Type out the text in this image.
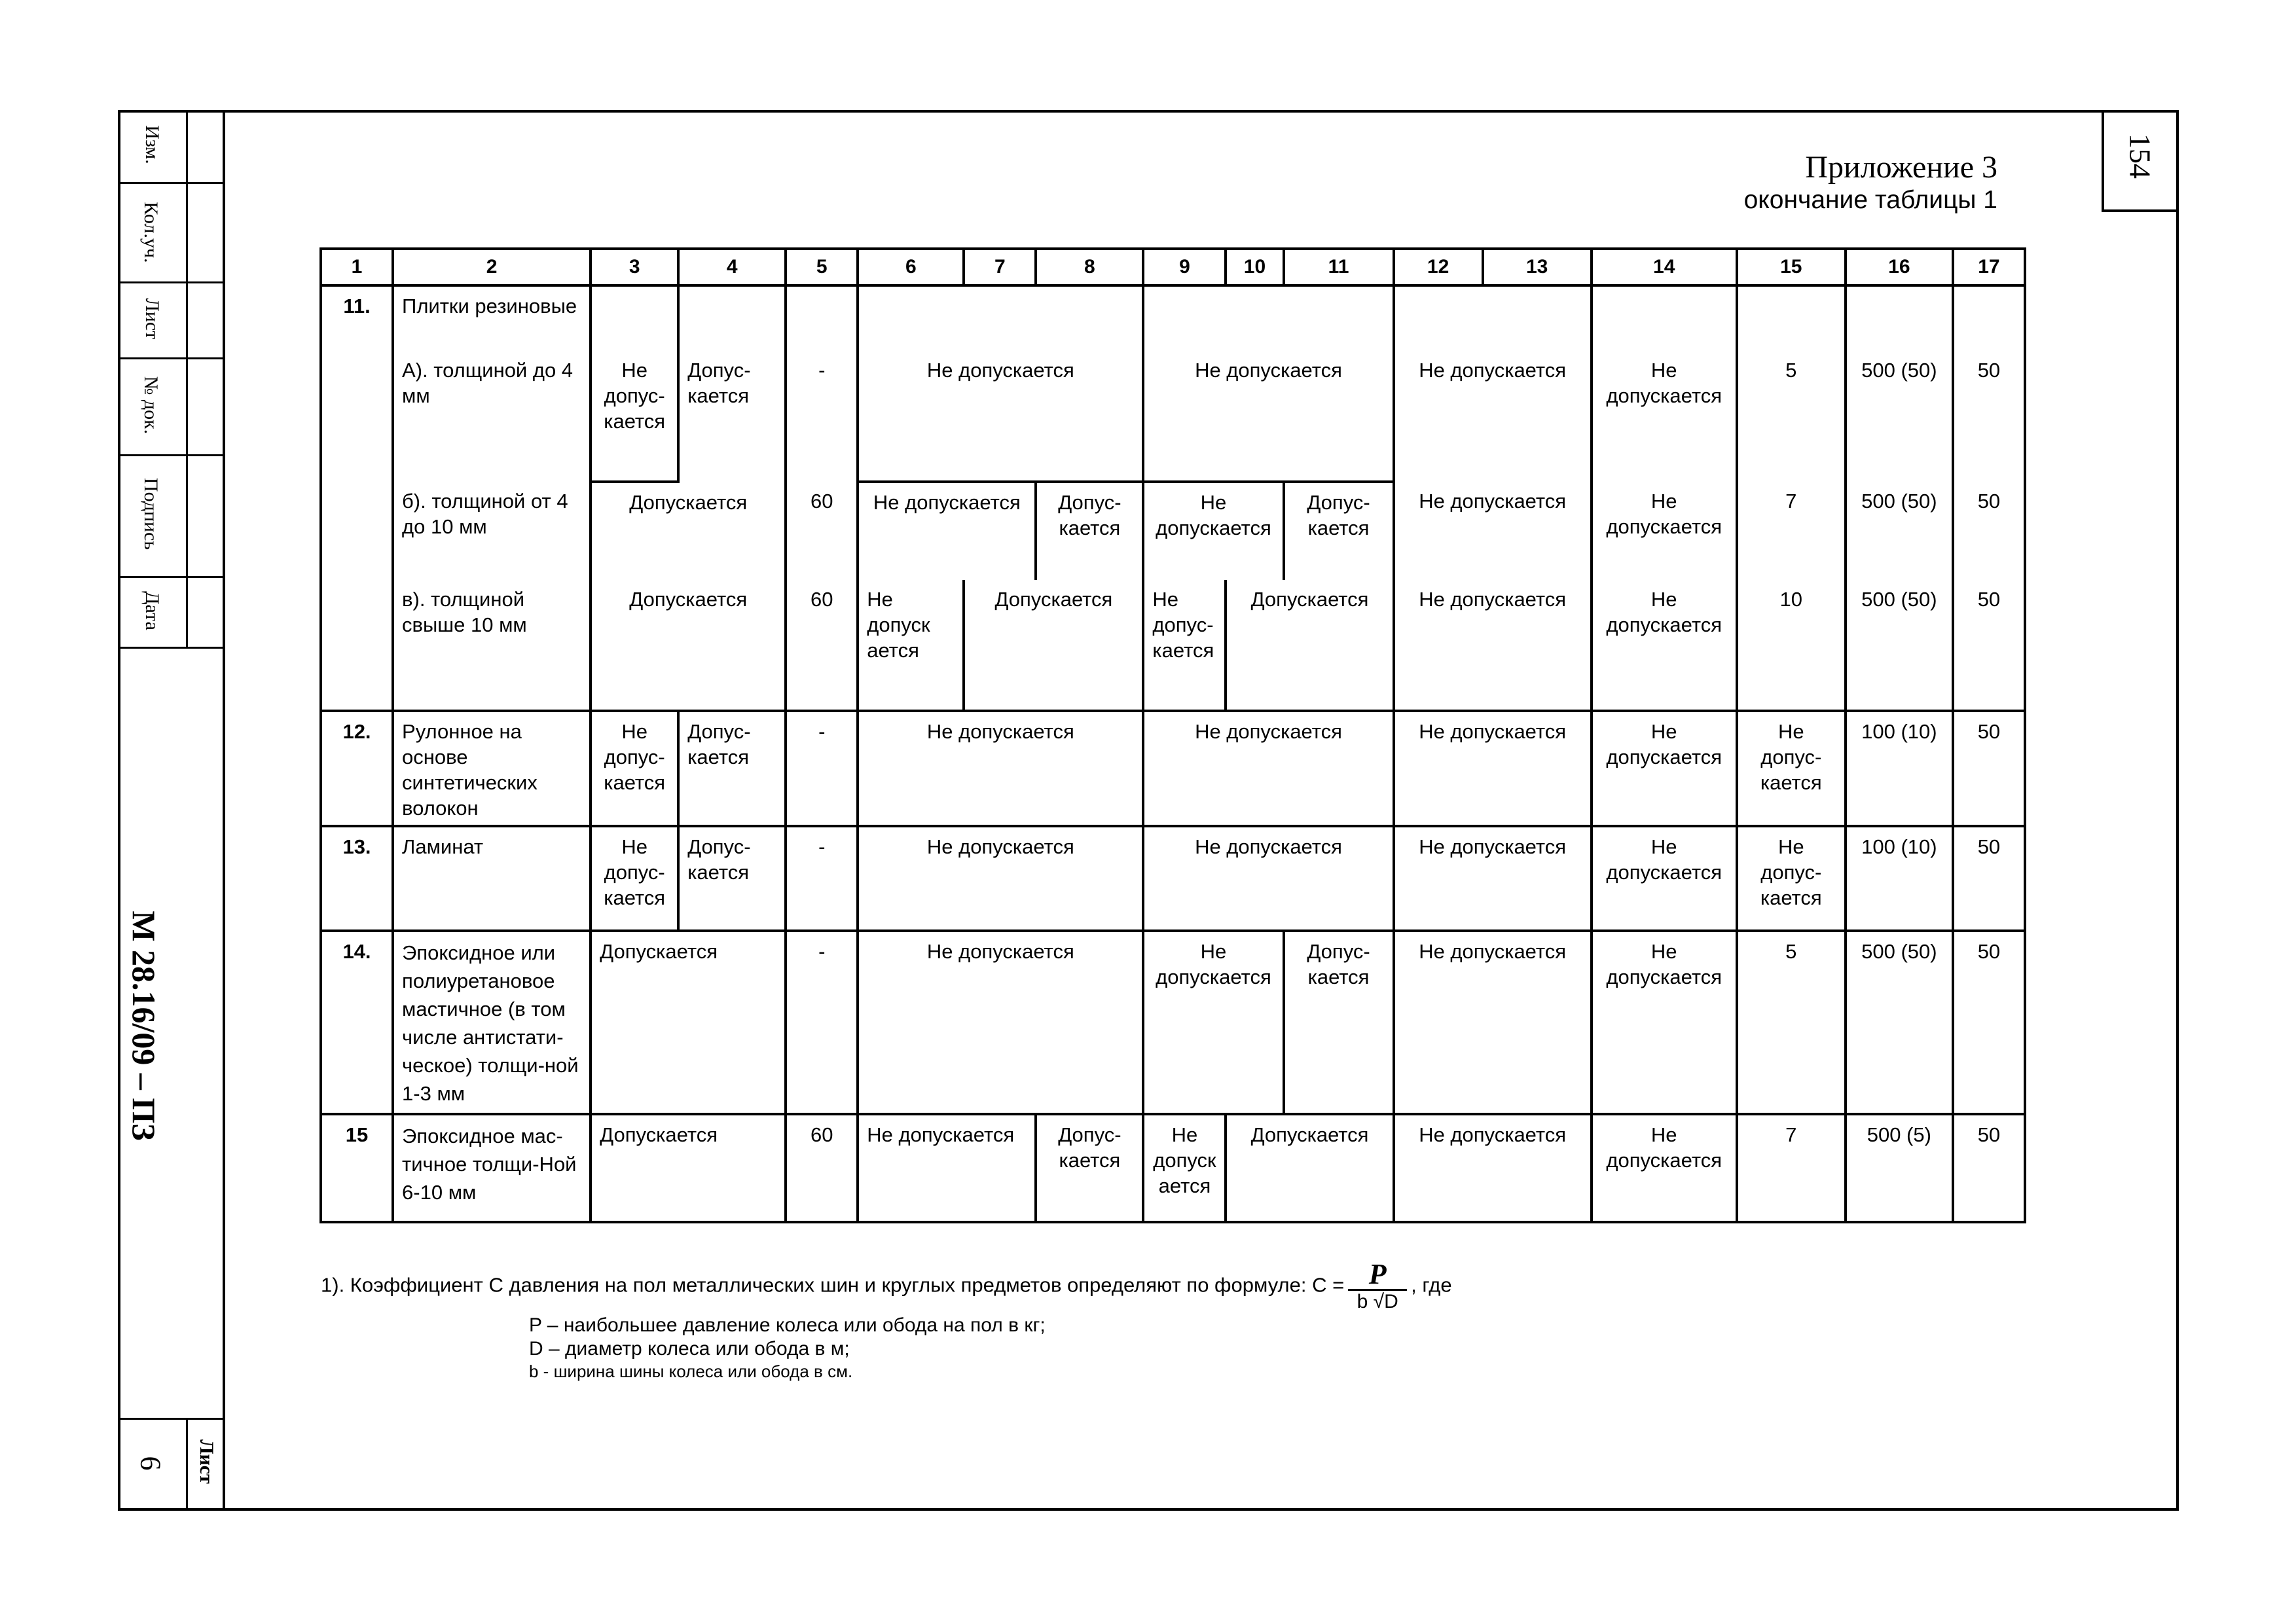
Изм.
Кол.уч.
Лист
№ док.
Подпись
Дата
М 28.16/09 – ПЗ
Лист
6
154
Приложение 3
окончание таблицы 1
1	2	3	4	5	6	7	8	9	10	11	12	13	14	15	16	17
11.	Плитки резиновые															
	А). толщиной до 4 мм	Не допус-кается	Допус-кается	-	Не допускается			Не допускается			Не допускается		Не допускается	5	500 (50)	50
	б). толщиной от 4 до 10 мм	Допускается		60	Не допускается		Допус-кается	Не допускается		Допус-кается	Не допускается		Не допускается	7	500 (50)	50
	в). толщиной свыше 10 мм	Допускается		60	Не допуск ается	Допускается		Не допус-кается	Допускается		Не допускается		Не допускается	10	500 (50)	50
12.	Рулонное на основе синтетических волокон	Не допус-кается	Допус-кается	-	Не допускается			Не допускается			Не допускается		Не допускается	Не допус-кается	100 (10)	50
13.	Ламинат	Не допус-кается	Допус-кается	-	Не допускается			Не допускается			Не допускается		Не допускается	Не допус-кается	100 (10)	50
14.	Эпоксидное или полиуретановое мастичное (в том числе антистати-ческое) толщи-ной 1-3 мм	Допускается		-	Не допускается			Не допускается		Допус-кается	Не допускается		Не допускается	5	500 (50)	50
15	Эпоксидное мас-тичное толщи-Ной 6-10 мм	Допускается		60	Не допускается		Допус-кается	Не допуск ается	Допускается		Не допускается		Не допускается	7	500 (5)	50
1). Коэффициент С давления на пол металлических шин и круглых предметов определяют по формуле: $С = \frac{P}{b √D}$ , где
P – наибольшее давление колеса или обода на пол в кг;
D – диаметр колеса или обода в м;
b - ширина шины колеса или обода в см.
